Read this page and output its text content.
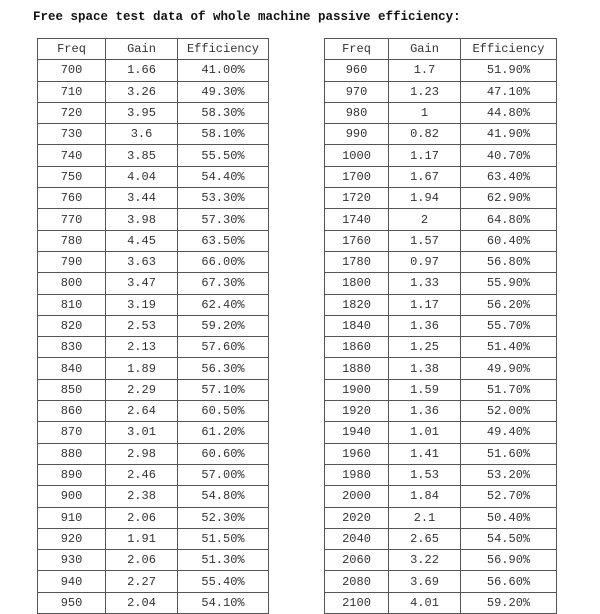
Free space test data of whole machine passive efficiency:
Freq	Gain	Efficiency
700	1.66	41.00%
710	3.26	49.30%
720	3.95	58.30%
730	3.6	58.10%
740	3.85	55.50%
750	4.04	54.40%
760	3.44	53.30%
770	3.98	57.30%
780	4.45	63.50%
790	3.63	66.00%
800	3.47	67.30%
810	3.19	62.40%
820	2.53	59.20%
830	2.13	57.60%
840	1.89	56.30%
850	2.29	57.10%
860	2.64	60.50%
870	3.01	61.20%
880	2.98	60.60%
890	2.46	57.00%
900	2.38	54.80%
910	2.06	52.30%
920	1.91	51.50%
930	2.06	51.30%
940	2.27	55.40%
950	2.04	54.10%
Freq	Gain	Efficiency
960	1.7	51.90%
970	1.23	47.10%
980	1	44.80%
990	0.82	41.90%
1000	1.17	40.70%
1700	1.67	63.40%
1720	1.94	62.90%
1740	2	64.80%
1760	1.57	60.40%
1780	0.97	56.80%
1800	1.33	55.90%
1820	1.17	56.20%
1840	1.36	55.70%
1860	1.25	51.40%
1880	1.38	49.90%
1900	1.59	51.70%
1920	1.36	52.00%
1940	1.01	49.40%
1960	1.41	51.60%
1980	1.53	53.20%
2000	1.84	52.70%
2020	2.1	50.40%
2040	2.65	54.50%
2060	3.22	56.90%
2080	3.69	56.60%
2100	4.01	59.20%
